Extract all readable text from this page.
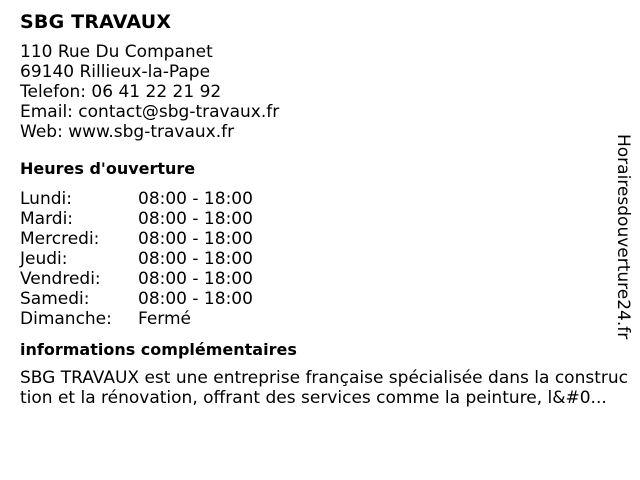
SBG TRAVAUX
110 Rue Du Companet
69140 Rillieux-la-Pape
Telefon: 06 41 22 21 92
Email: contact@sbg-travaux.fr
Web: www.sbg-travaux.fr
Heures d'ouverture
Lundi:	08:00 - 18:00
Mardi:	08:00 - 18:00
Mercredi:	08:00 - 18:00
Jeudi:	08:00 - 18:00
Vendredi:	08:00 - 18:00
Samedi:	08:00 - 18:00
Dimanche:	Fermé
informations complémentaires

SBG TRAVAUX est une entreprise française spécialisée dans la construction et la rénovation, offrant des services comme la peinture, l&#0...

Horairesdouverture24.fr
